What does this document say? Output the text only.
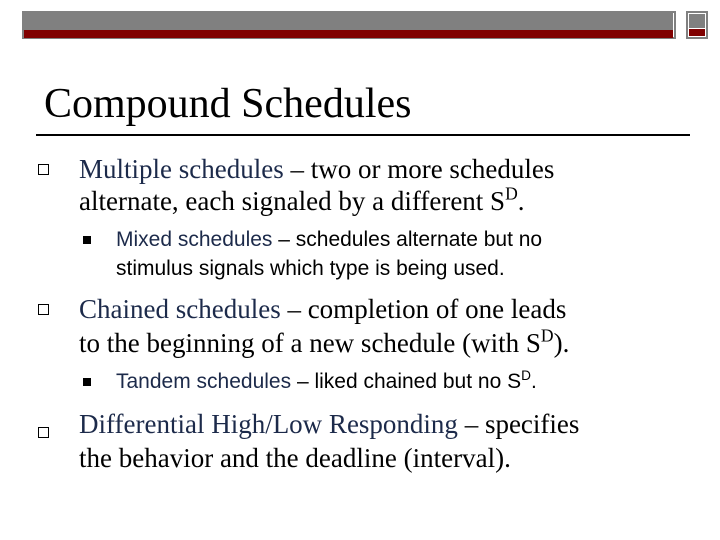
Compound Schedules
Multiple schedules – two or more schedules
alternate, each signaled by a different $S^D$.
Mixed schedules – schedules alternate but no
stimulus signals which type is being used.
Chained schedules – completion of one leads
to the beginning of a new schedule (with $S^D$).
Tandem schedules – liked chained but no $S^D$.
Differential High/Low Responding – specifies
the behavior and the deadline (interval).
